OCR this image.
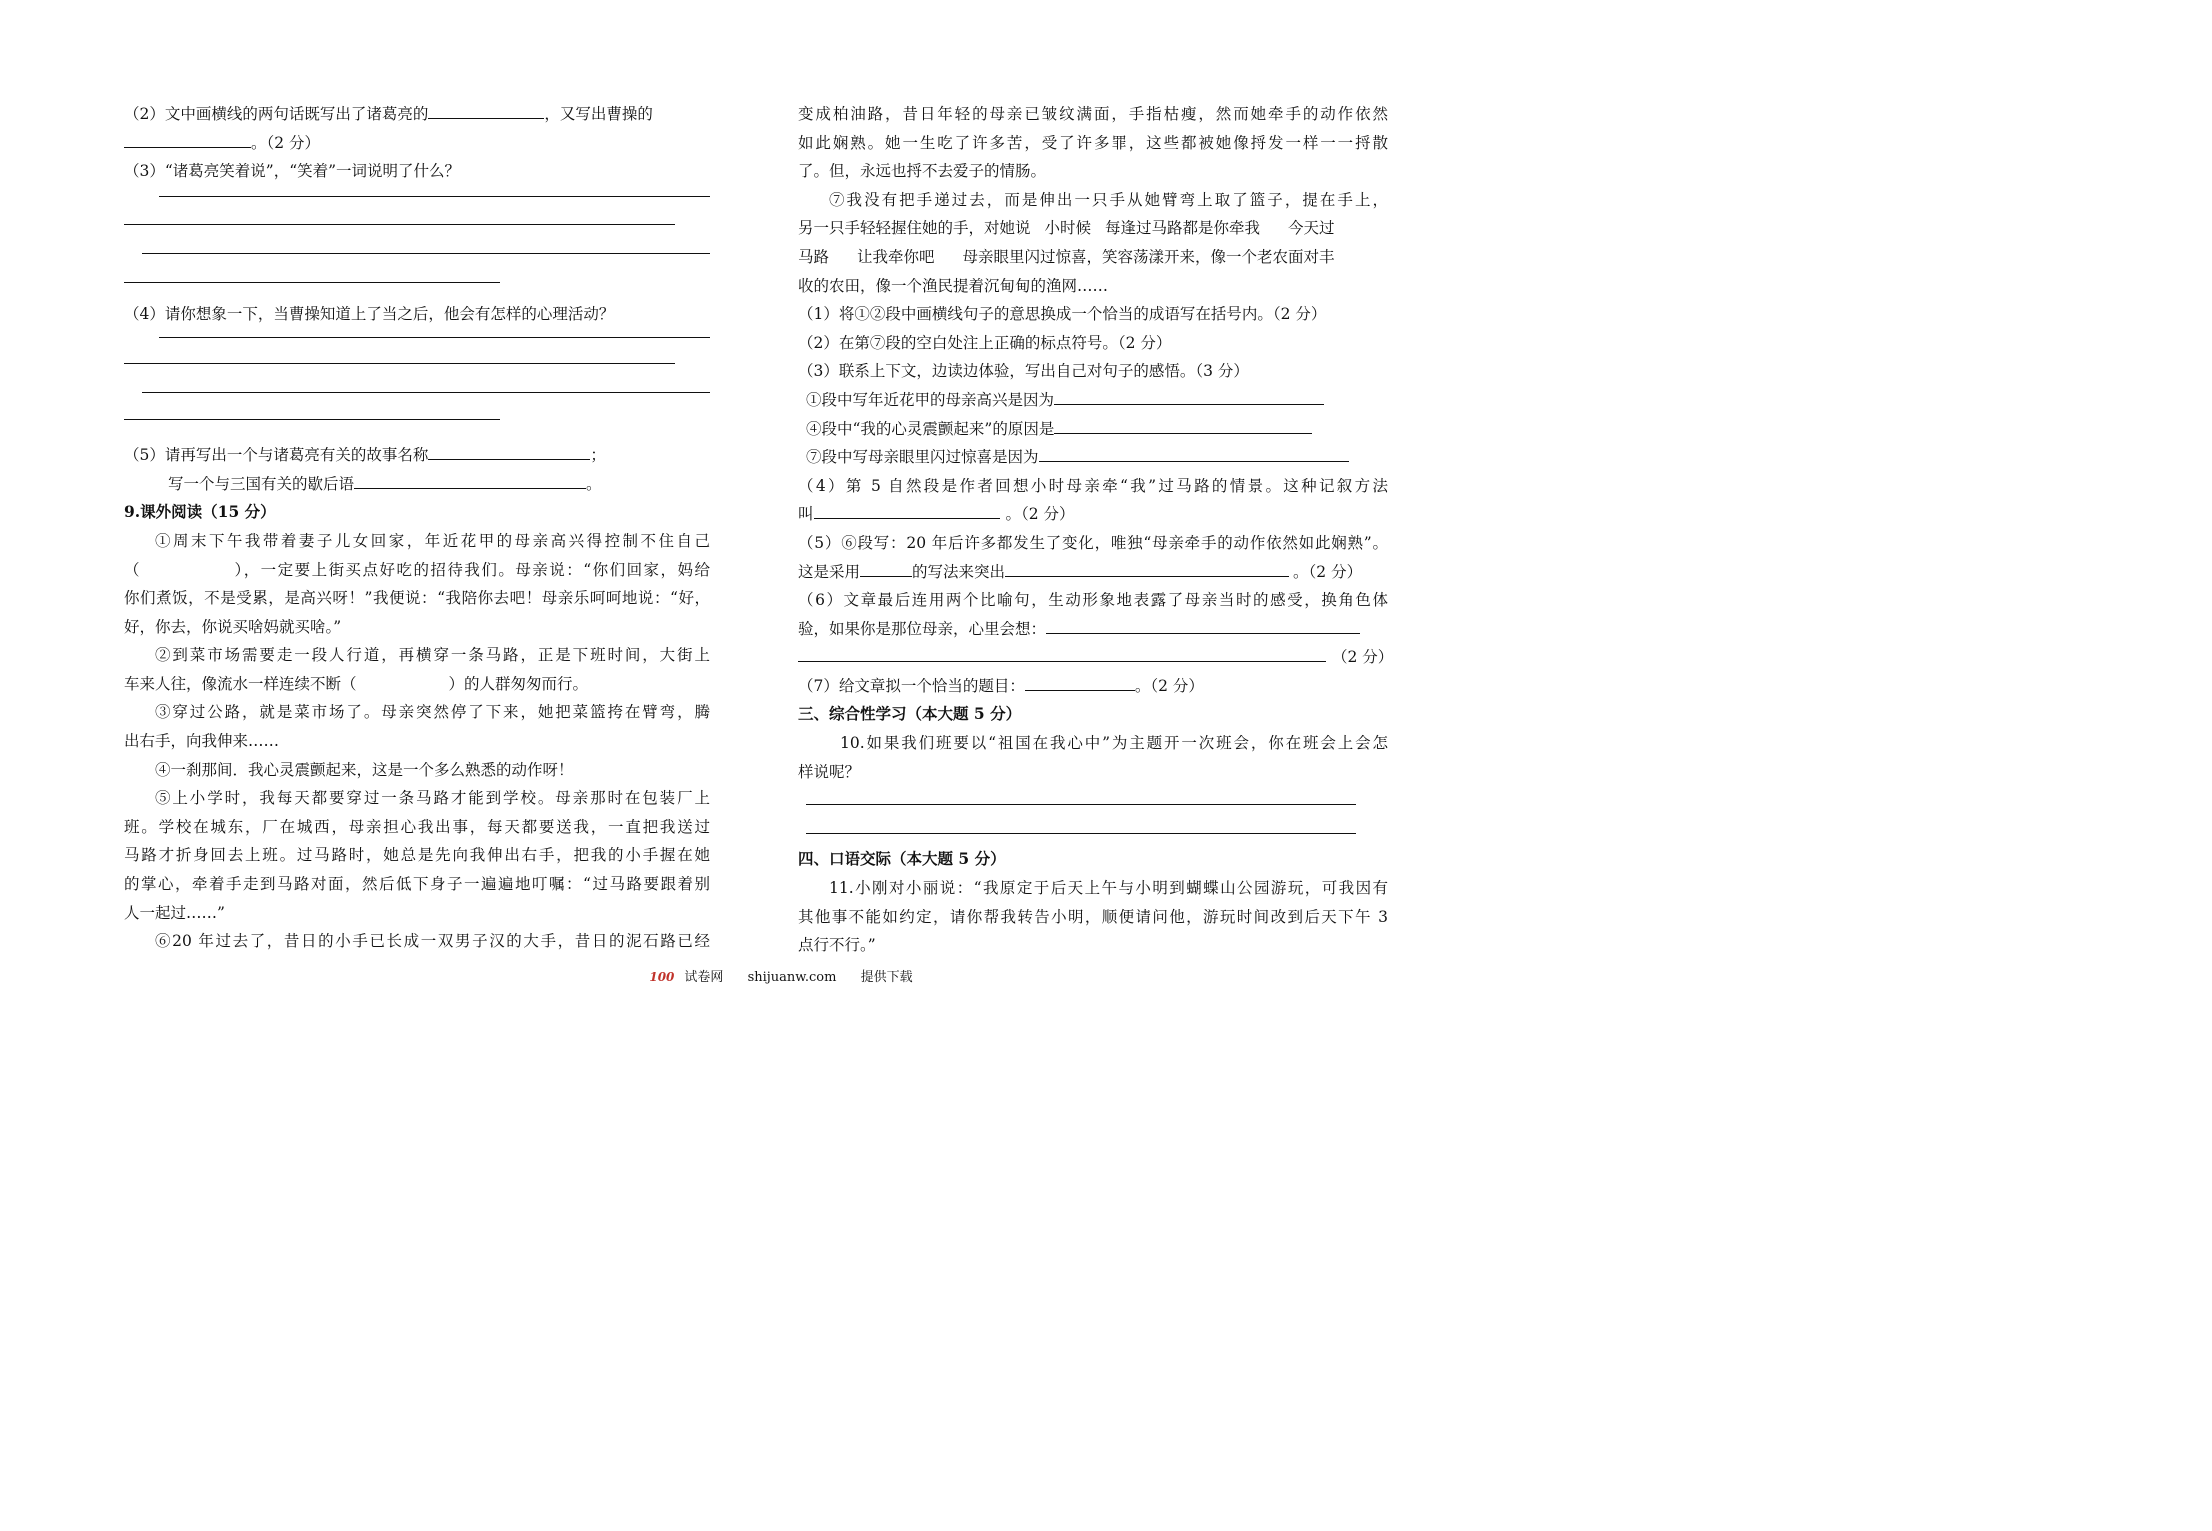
（2）文中画横线的两句话既写出了诸葛亮的	，又写出曹操的
。（2 分）
（3）“诸葛亮笑着说”，“笑着”一词说明了什么？
（4）请你想象一下，当曹操知道上了当之后，他会有怎样的心理活动？
（5）请再写出一个与诸葛亮有关的故事名称	；
写一个与三国有关的歇后语	。
9.课外阅读（15 分）
①周末下午我带着妻子儿女回家，年近花甲的母亲高兴得控制不住自己
（	），一定要上街买点好吃的招待我们。母亲说：“你们回家，妈给
你们煮饭，不是受累，是高兴呀！”我便说：“我陪你去吧！母亲乐呵呵地说：“好，
好，你去，你说买啥妈就买啥。”
②到菜市场需要走一段人行道，再横穿一条马路，正是下班时间，大街上
车来人往，像流水一样连续不断（	）的人群匆匆而行。
③穿过公路，就是菜市场了。母亲突然停了下来，她把菜篮挎在臂弯，腾
出右手，向我伸来……
④一刹那间．我心灵震颤起来，这是一个多么熟悉的动作呀！
⑤上小学时，我每天都要穿过一条马路才能到学校。母亲那时在包装厂上
班。学校在城东，厂在城西，母亲担心我出事，每天都要送我，一直把我送过
马路才折身回去上班。过马路时，她总是先向我伸出右手，把我的小手握在她
的掌心，牵着手走到马路对面，然后低下身子一遍遍地叮嘱：“过马路要跟着别
人一起过……”
⑥20 年过去了，昔日的小手已长成一双男子汉的大手，昔日的泥石路已经
变成柏油路，昔日年轻的母亲已皱纹满面，手指枯瘦，然而她牵手的动作依然
如此娴熟。她一生吃了许多苦，受了许多罪，这些都被她像捋发一样一一捋散
了。但，永远也捋不去爱子的情肠。
⑦我没有把手递过去，而是伸出一只手从她臂弯上取了篮子，提在手上，
另一只手轻轻握住她的手，对她说 小时候 每逢过马路都是你牵我 今天过
马路 让我牵你吧 母亲眼里闪过惊喜，笑容荡漾开来，像一个老农面对丰
收的农田，像一个渔民提着沉甸甸的渔网……
（1）将①②段中画横线句子的意思换成一个恰当的成语写在括号内。（2 分）
（2）在第⑦段的空白处注上正确的标点符号。（2 分）
（3）联系上下文，边读边体验，写出自己对句子的感悟。（3 分）
①段中写年近花甲的母亲高兴是因为
④段中“我的心灵震颤起来”的原因是
⑦段中写母亲眼里闪过惊喜是因为
（4）第 5 自然段是作者回想小时母亲牵“我”过马路的情景。这种记叙方法
叫	。（2 分）
（5）⑥段写：20 年后许多都发生了变化，唯独“母亲牵手的动作依然如此娴熟”。
这是采用	的写法来突出	。（2 分）
（6）文章最后连用两个比喻句，生动形象地表露了母亲当时的感受，换角色体
验，如果你是那位母亲，心里会想：
（2 分）
（7）给文章拟一个恰当的题目：	。（2 分）
三、综合性学习（本大题 5 分）
10.如果我们班要以“祖国在我心中”为主题开一次班会，你在班会上会怎
样说呢？
四、口语交际（本大题 5 分）
11.小刚对小丽说：“我原定于后天上午与小明到蝴蝶山公园游玩，可我因有
其他事不能如约定，请你帮我转告小明，顺便请问他，游玩时间改到后天下午 3
点行不行。”
100 试卷网 shijuanw.com 提供下载
